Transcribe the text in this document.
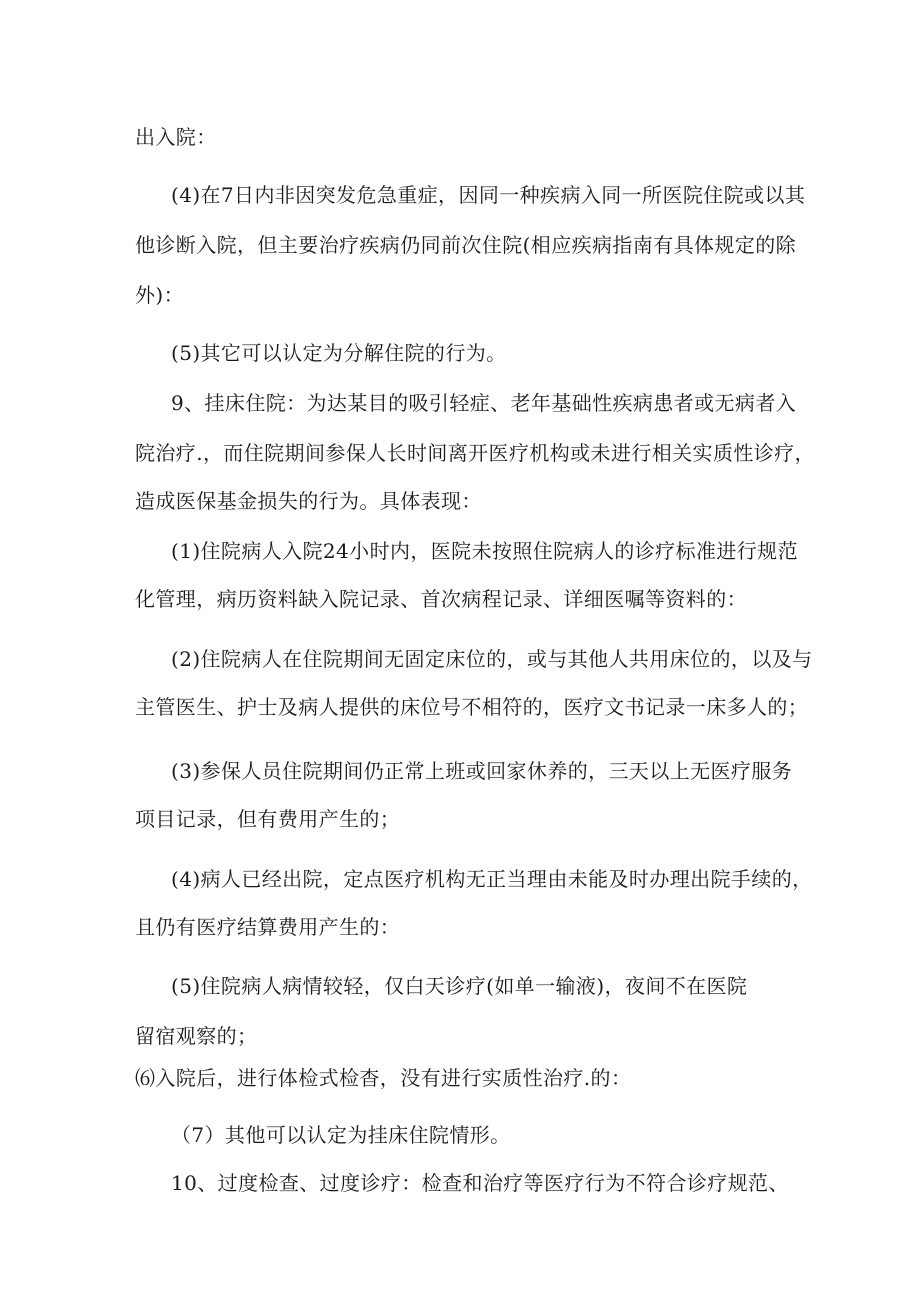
出入院：
(4)在7日内非因突发危急重症，因同一种疾病入同一所医院住院或以其
他诊断入院，但主要治疗疾病仍同前次住院(相应疾病指南有具体规定的除
外)：
(5)其它可以认定为分解住院的行为。
9、挂床住院：为达某目的吸引轻症、老年基础性疾病患者或无病者入
院治疗.，而住院期间参保人长时间离开医疗机构或未进行相关实质性诊疗，
造成医保基金损失的行为。具体表现：
(1)住院病人入院24小时内，医院未按照住院病人的诊疗标准进行规范
化管理，病历资料缺入院记录、首次病程记录、详细医嘱等资料的：
(2)住院病人在住院期间无固定床位的，或与其他人共用床位的，以及与
主管医生、护士及病人提供的床位号不相符的，医疗文书记录一床多人的；
(3)参保人员住院期间仍正常上班或回家休养的，三天以上无医疗服务
项目记录，但有费用产生的；
(4)病人已经出院，定点医疗机构无正当理由未能及时办理出院手续的，
且仍有医疗结算费用产生的：
(5)住院病人病情较轻，仅白天诊疗(如单一输液)，夜间不在医院
留宿观察的；
⑹入院后，进行体检式检杳，没有进行实质性治疗.的：
（7）其他可以认定为挂床住院情形。
10、过度检查、过度诊疗：检查和治疗等医疗行为不符合诊疗规范、
